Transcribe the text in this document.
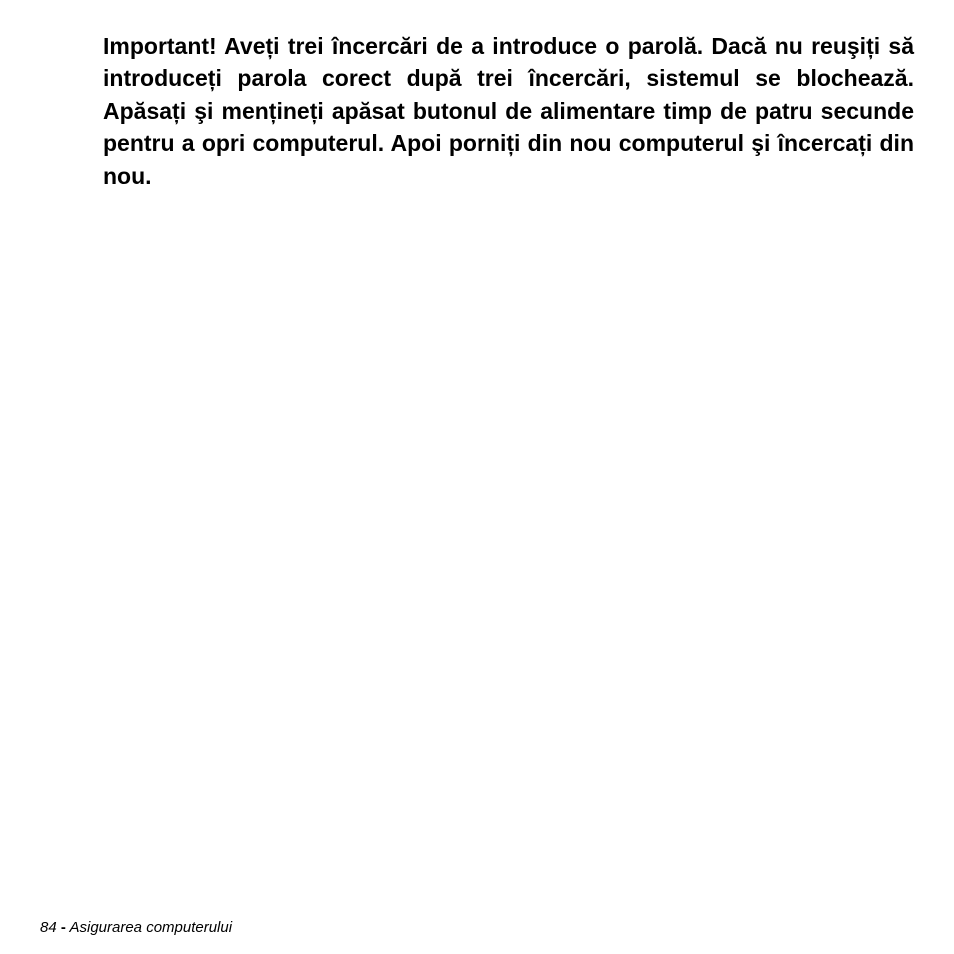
Important! Aveți trei încercări de a introduce o parolă. Dacă nu reuşiți să introduceți parola corect după trei încercări, sistemul se blochează. Apăsați şi mențineți apăsat butonul de alimentare timp de patru secunde pentru a opri computerul. Apoi porniți din nou computerul şi încercați din nou.

84 - Asigurarea computerului
